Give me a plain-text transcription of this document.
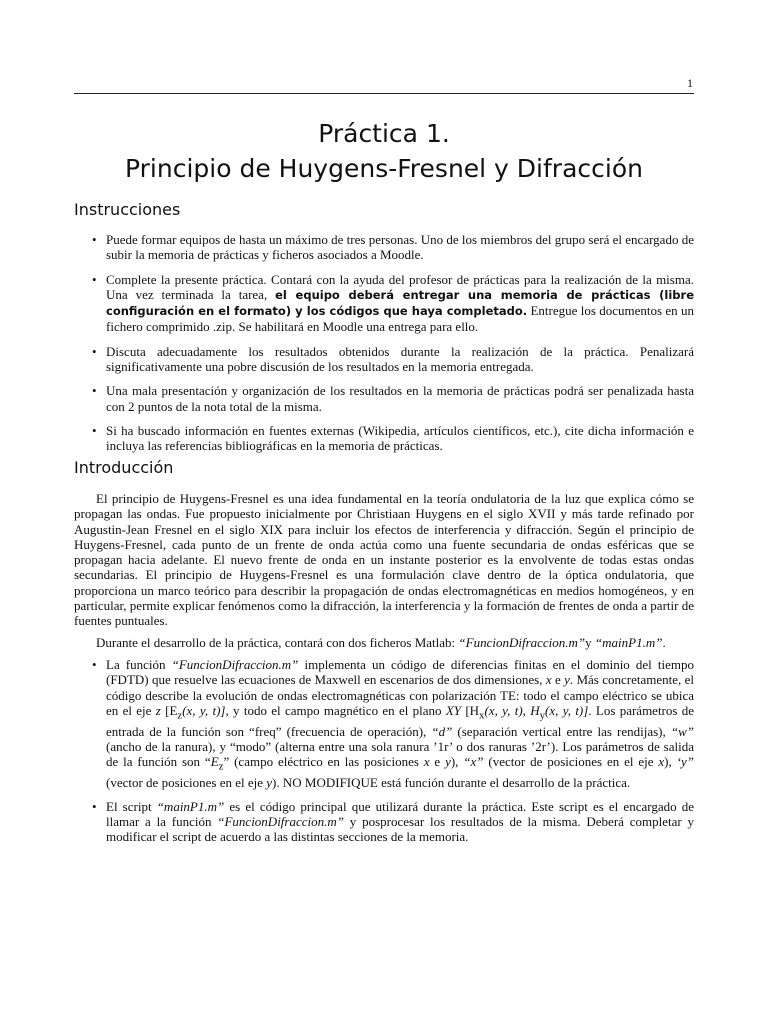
1
Práctica 1.
Principio de Huygens-Fresnel y Difracción
Instrucciones
• Puede formar equipos de hasta un máximo de tres personas. Uno de los miembros del grupo será el encargado de subir la memoria de prácticas y ficheros asociados a Moodle.
• Complete la presente práctica. Contará con la ayuda del profesor de prácticas para la realización de la misma. Una vez terminada la tarea, el equipo deberá entregar una memoria de prácticas (libre configuración en el formato) y los códigos que haya completado. Entregue los documentos en un fichero comprimido .zip. Se habilitará en Moodle una entrega para ello.
• Discuta adecuadamente los resultados obtenidos durante la realización de la práctica. Penalizará significativamente una pobre discusión de los resultados en la memoria entregada.
• Una mala presentación y organización de los resultados en la memoria de prácticas podrá ser penalizada hasta con 2 puntos de la nota total de la misma.
• Si ha buscado información en fuentes externas (Wikipedia, artículos científicos, etc.), cite dicha información e incluya las referencias bibliográficas en la memoria de prácticas.
Introducción

El principio de Huygens-Fresnel es una idea fundamental en la teoría ondulatoria de la luz que explica cómo se propagan las ondas. Fue propuesto inicialmente por Christiaan Huygens en el siglo XVII y más tarde refinado por Augustin-Jean Fresnel en el siglo XIX para incluir los efectos de interferencia y difracción. Según el principio de Huygens-Fresnel, cada punto de un frente de onda actúa como una fuente secundaria de ondas esféricas que se propagan hacia adelante. El nuevo frente de onda en un instante posterior es la envolvente de todas estas ondas secundarias. El principio de Huygens-Fresnel es una formulación clave dentro de la óptica ondulatoria, que proporciona un marco teórico para describir la propagación de ondas electromagnéticas en medios homogéneos, y en particular, permite explicar fenómenos como la difracción, la interferencia y la formación de frentes de onda a partir de fuentes puntuales.

Durante el desarrollo de la práctica, contará con dos ficheros Matlab: “FuncionDifraccion.m”y “mainP1.m”.

• La función “FuncionDifraccion.m” implementa un código de diferencias finitas en el dominio del tiempo (FDTD) que resuelve las ecuaciones de Maxwell en escenarios de dos dimensiones, x e y. Más concretamente, el código describe la evolución de ondas electromagnéticas con polarización TE: todo el campo eléctrico se ubica en el eje z [$E_z(x$, y, t)], y todo el campo magnético en el plano XY [$H_x(x$, y, t), $H_y(x$, y, t)]. Los parámetros de entrada de la función son “freq” (frecuencia de operación), “d” (separación vertical entre las rendijas), “w” (ancho de la ranura), y “modo” (alterna entre una sola ranura ’1r’ o dos ranuras ’2r’). Los parámetros de salida de la función son “$E_z$” (campo eléctrico en las posiciones x e y), “x” (vector de posiciones en el eje x), ‘y” (vector de posiciones en el eje y). NO MODIFIQUE está función durante el desarrollo de la práctica.
• El script “mainP1.m” es el código principal que utilizará durante la práctica. Este script es el encargado de llamar a la función “FuncionDifraccion.m” y posprocesar los resultados de la misma. Deberá completar y modificar el script de acuerdo a las distintas secciones de la memoria.
